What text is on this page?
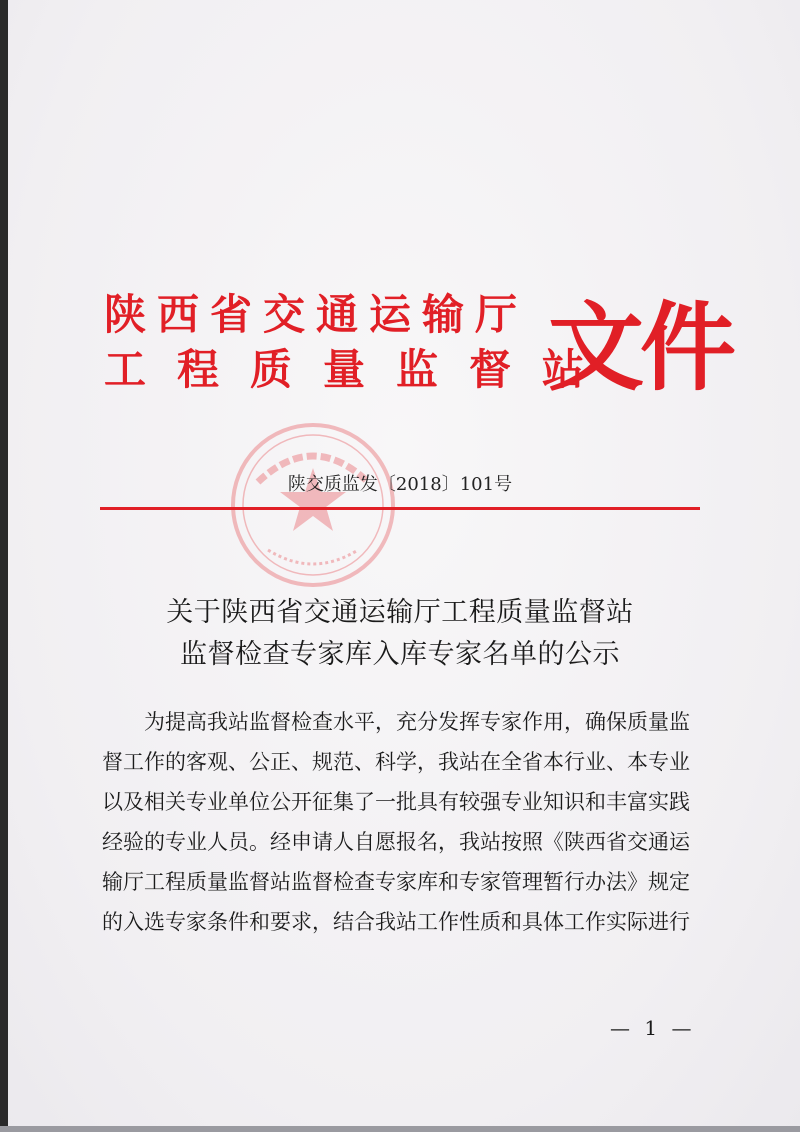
陕西省交通运输厅
工程质量监督站
文件
陕交质监发〔2018〕101号
关于陕西省交通运输厅工程质量监督站
监督检查专家库入库专家名单的公示

为提高我站监督检查水平，充分发挥专家作用，确保质量监

督工作的客观、公正、规范、科学，我站在全省本行业、本专业

以及相关专业单位公开征集了一批具有较强专业知识和丰富实践

经验的专业人员。经申请人自愿报名，我站按照《陕西省交通运

输厅工程质量监督站监督检查专家库和专家管理暂行办法》规定

的入选专家条件和要求，结合我站工作性质和具体工作实际进行

— 1 —
